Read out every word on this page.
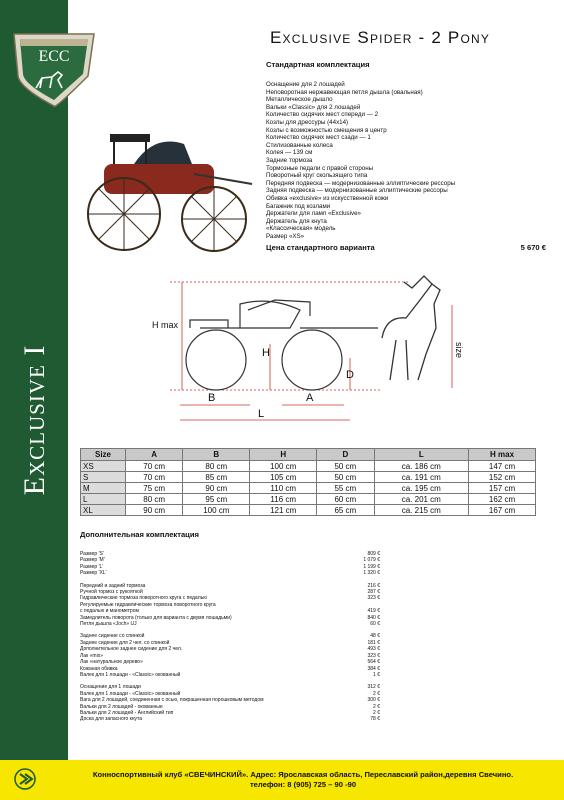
ECC
Exclusive I
Exclusive Spider - 2 Pony
Стандартная комплектация
Оснащение для 2 лошадей
Неповоротная нержавеющая петля дышла (овальная)
Металлическое дышло
Вальки «Classic» для 2 лошадей
Количество сидячих мест спереди — 2
Козлы для дрессуры (44х14)
Козлы с возможностью смещения в центр
Количество сидячих мест сзади — 1
Стилизованные колеса
Колея — 139 см
Задние тормоза
Тормозные педали с правой стороны
Поворотный круг скользящего типа
Передняя подвеска — модернизованные эллиптические рессоры
Задняя подвеска — модернизованные эллиптические рессоры
Обивка «exclusive» из искусственной кожи
Багажник под козлами
Держатели для ламп «Exclusive»
Держатель для кнута
«Классическая» модель
Размер «XS»
Цена стандартного варианта	5 670 €
H max
H
D
B	A
L
size
Size	A	B	H	D	L	H max
XS	70 cm	80 cm	100 cm	50 cm	ca. 186 cm	147 cm
S	70 cm	85 cm	105 cm	50 cm	ca. 191 cm	152 cm
M	75 cm	90 cm	110 cm	55 cm	ca. 195 cm	157 cm
L	80 cm	95 cm	116 cm	60 cm	ca. 201 cm	162 cm
XL	90 cm	100 cm	121 cm	65 cm	ca. 215 cm	167 cm
Дополнительная комплектация
Размер 'S'	809 €
Размер 'M'	1 079 €
Размер 'L'	1 199 €
Размер 'XL'	1 320 €
Передний и задний тормоза	216 €
Ручной тормоз с рукояткой	287 €
Гидравлические тормоза поворотного круга с педалью	323 €
Регулируемые гидравлические тормоза поворотного круга
с педалью и манометром	419 €
Замедлитель поворота (только для варианта с двумя лошадьми)	840 €
Петля дышла «Joch» UJ	60 €
Заднее сидение со спинкой	48 €
Заднее сидение для 2 чел. со спинкой	181 €
Дополнительное заднее сидение для 2 чел.	493 €
Лак «mix»	323 €
Лак «натуральное дерево»	564 €
Кожаная обивка	384 €
Валек для 1 лошади - «Classic» окованный	1 €
Оснащение для 1 лошади	312 €
Валек для 1 лошади - «Classic» окованный	2 €
Вага для 2 лошадей, соединенная с осью, покрашенная порошковым методом	300 €
Вальки для 2 лошадей - окованные	2 €
Вальки для 2 лошадей - Английский тип	2 €
Доска для запасного кнута	78 €
Конноспортивный клуб «СВЕЧИНСКИЙ». Адрес: Ярославская область, Переславский район,деревня Свечино.
телефон: 8 (905) 725 – 90 -90
